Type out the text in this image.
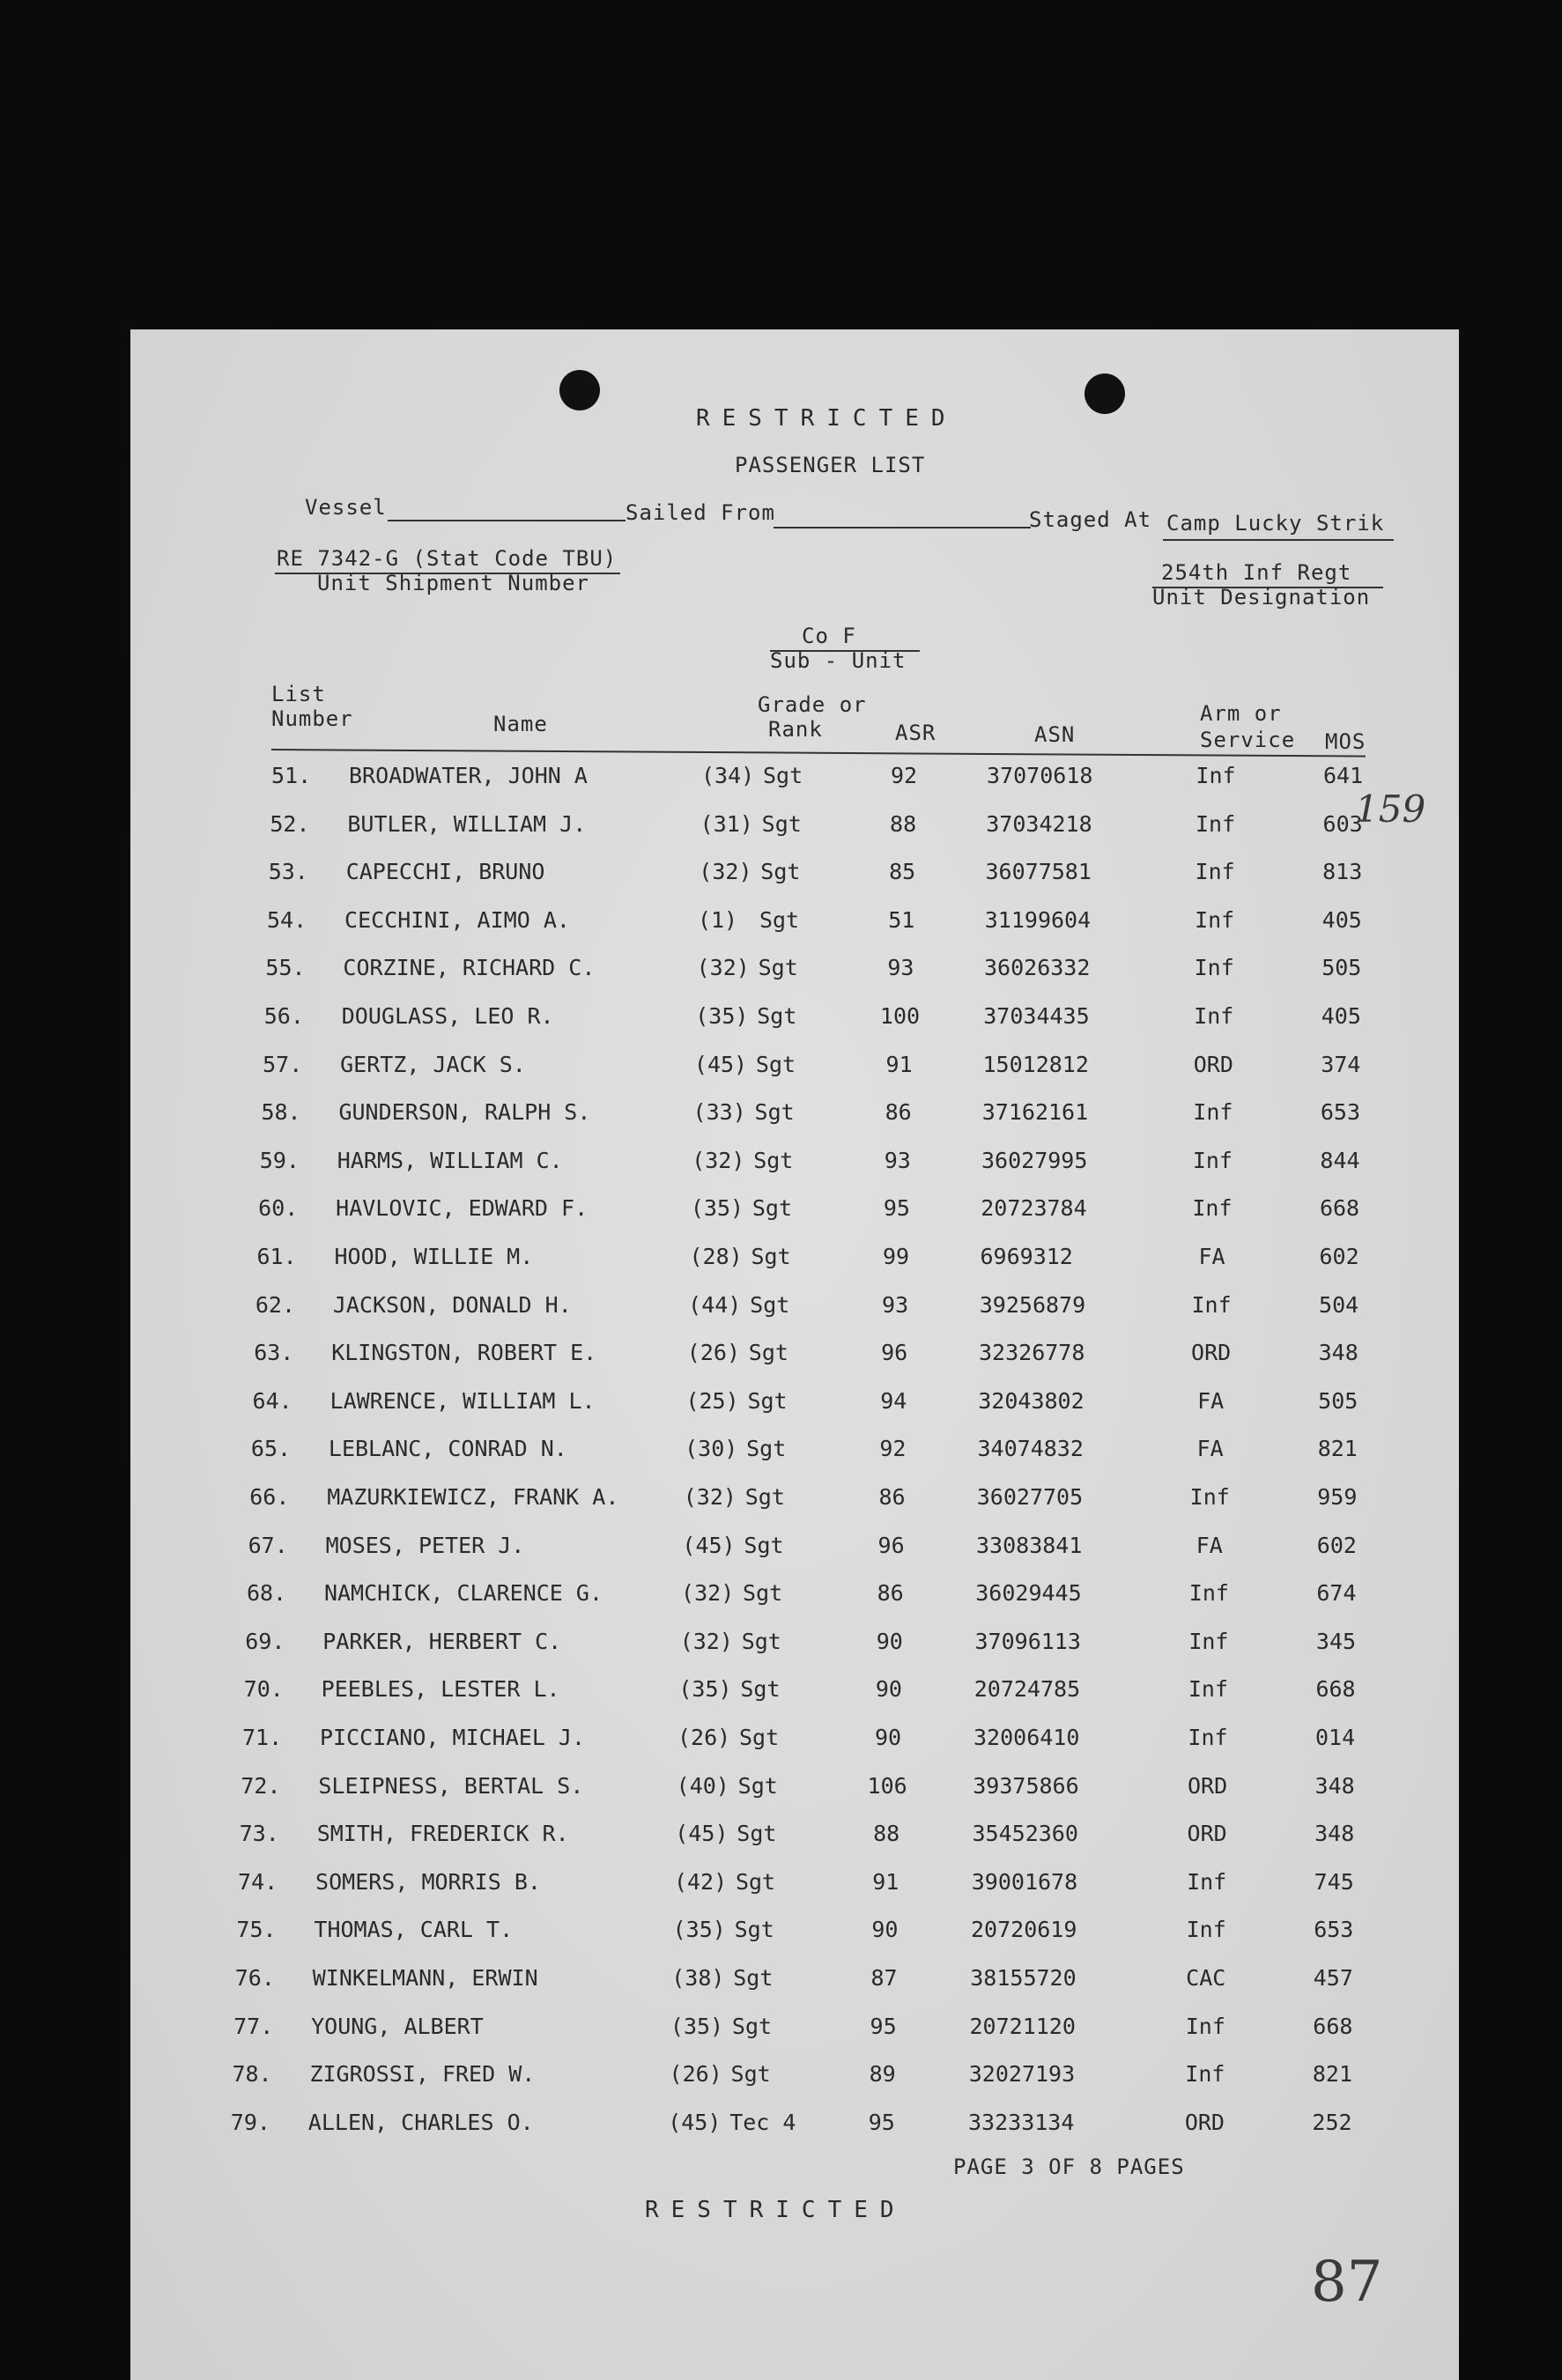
RESTRICTED
PASSENGER LIST
Vessel	Sailed From	Staged At Camp Lucky Strik
RE 7342-G (Stat Code TBU)
Unit Shipment Number	254th Inf Regt
Unit Designation
Co F
Sub - Unit
List
Number	Name
Grade or
Rank	ASR	ASN
Arm or
Service MOS
51. BROADWATER, JOHN A	(34) Sgt	92	37070618	Inf	641
52. BUTLER, WILLIAM J.	(31) Sgt	88	37034218	Inf	603
53. CAPECCHI, BRUNO	(32) Sgt	85	36077581	Inf	813
54. CECCHINI, AIMO A.	(1) Sgt	51	31199604	Inf	405
55. CORZINE, RICHARD C.	(32) Sgt	93	36026332	Inf	505
56. DOUGLASS, LEO R.	(35) Sgt	100	37034435	Inf	405
57. GERTZ, JACK S.	(45) Sgt	91	15012812	ORD	374
58. GUNDERSON, RALPH S.	(33) Sgt	86	37162161	Inf	653
59. HARMS, WILLIAM C.	(32) Sgt	93	36027995	Inf	844
60. HAVLOVIC, EDWARD F.	(35) Sgt	95	20723784	Inf	668
61. HOOD, WILLIE M.	(28) Sgt	99	6969312	FA	602
62. JACKSON, DONALD H.	(44) Sgt	93	39256879	Inf	504
63. KLINGSTON, ROBERT E.	(26) Sgt	96	32326778	ORD	348
64. LAWRENCE, WILLIAM L.	(25) Sgt	94	32043802	FA	505
65. LEBLANC, CONRAD N.	(30) Sgt	92	34074832	FA	821
66. MAZURKIEWICZ, FRANK A.	(32) Sgt	86	36027705	Inf	959
67. MOSES, PETER J.	(45) Sgt	96	33083841	FA	602
68. NAMCHICK, CLARENCE G.	(32) Sgt	86	36029445	Inf	674
69. PARKER, HERBERT C.	(32) Sgt	90	37096113	Inf	345
70. PEEBLES, LESTER L.	(35) Sgt	90	20724785	Inf	668
71. PICCIANO, MICHAEL J.	(26) Sgt	90	32006410	Inf	014
72. SLEIPNESS, BERTAL S.	(40) Sgt	106	39375866	ORD	348
73. SMITH, FREDERICK R.	(45) Sgt	88	35452360	ORD	348
74. SOMERS, MORRIS B.	(42) Sgt	91	39001678	Inf	745
75. THOMAS, CARL T.	(35) Sgt	90	20720619	Inf	653
76. WINKELMANN, ERWIN	(38) Sgt	87	38155720	CAC	457
77. YOUNG, ALBERT	(35) Sgt	95	20721120	Inf	668
78. ZIGROSSI, FRED W.	(26) Sgt	89	32027193	Inf	821
79. ALLEN, CHARLES O.	(45) Tec 4	95	33233134	ORD	252
159
87
PAGE 3 OF 8 PAGES
RESTRICTED
